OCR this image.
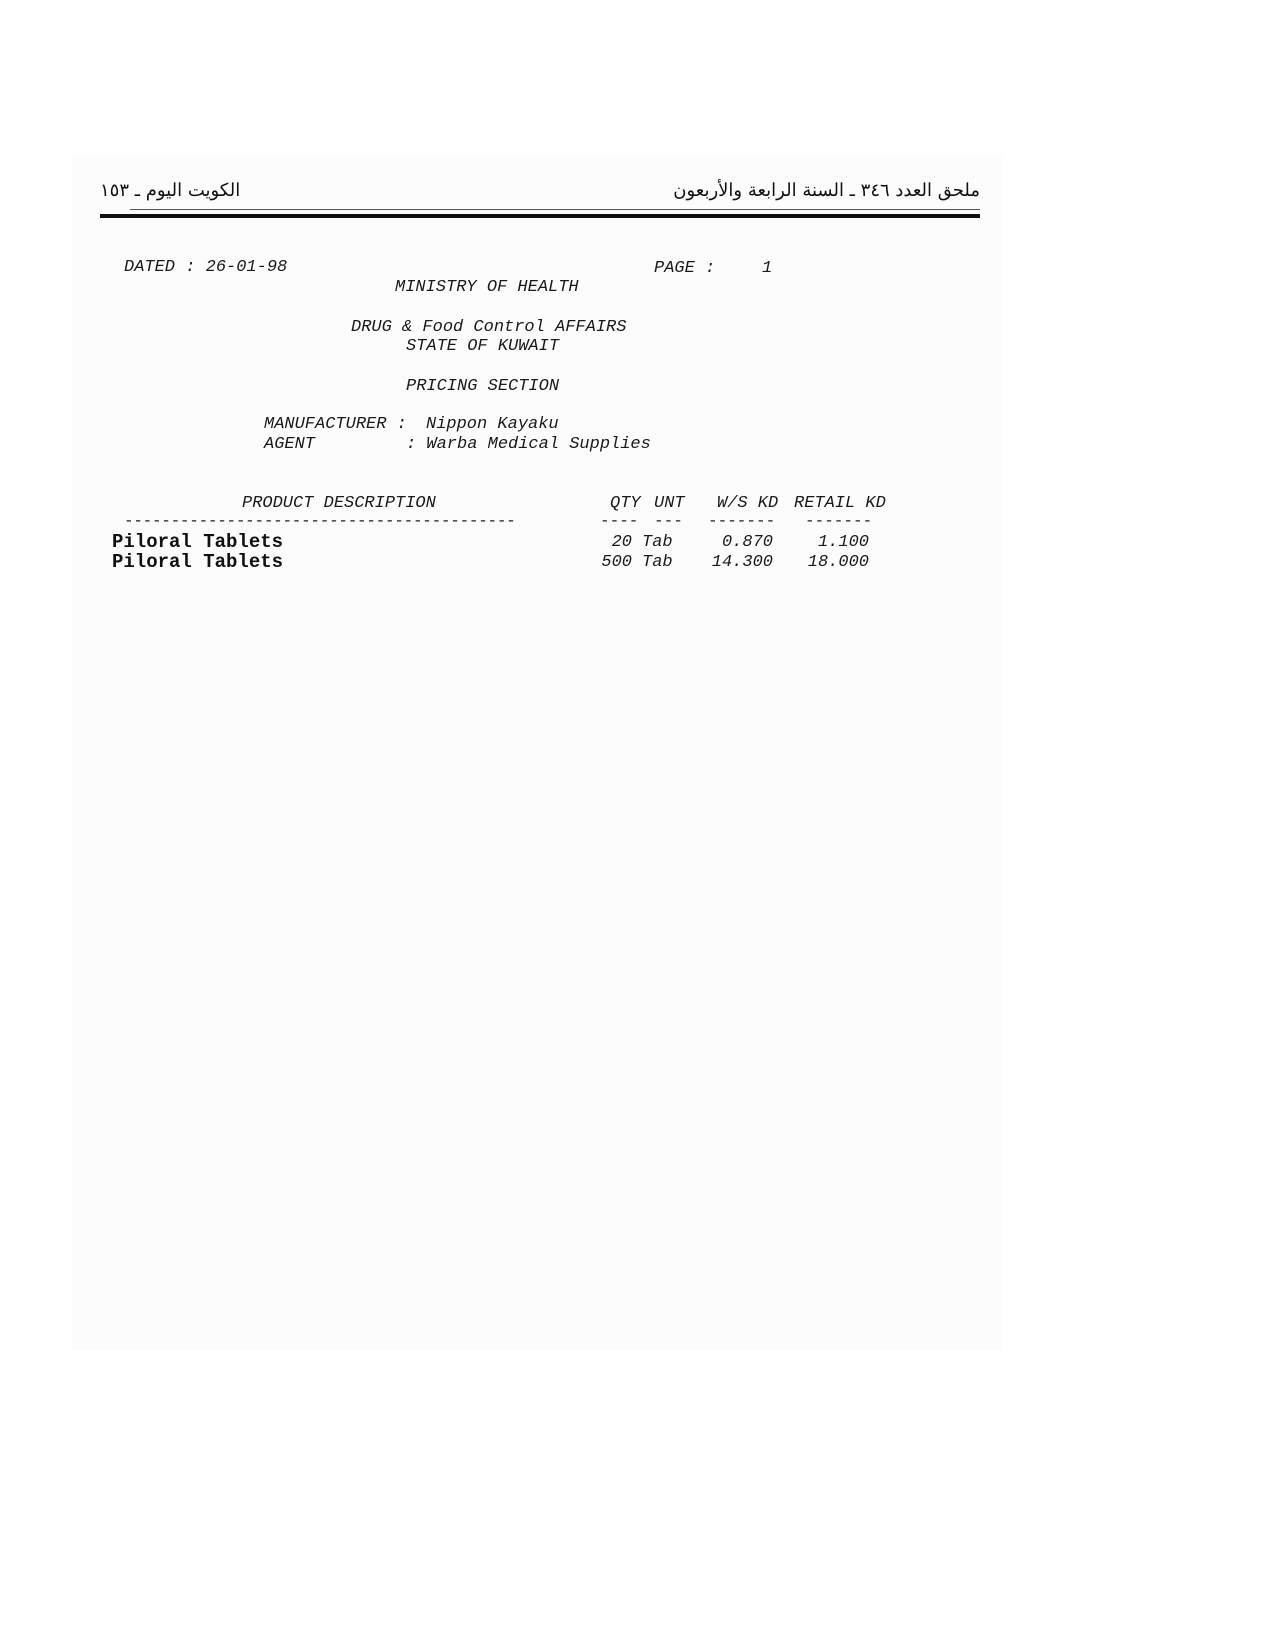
الكويت اليوم ـ ١٥٣	ملحق العدد ٣٤٦ ـ السنة الرابعة والأربعون
DATED : 26-01-98	PAGE :	1
MINISTRY OF HEALTH
DRUG & Food Control AFFAIRS
STATE OF KUWAIT
PRICING SECTION
MANUFACTURER : Nippon Kayaku
AGENT	: Warba Medical Supplies
PRODUCT DESCRIPTION	QTY UNT W/S KD RETAIL KD
------------------------------------------	---- --- ------- -------
Piloral Tablets	20 Tab	0.870	1.100
Piloral Tablets	500 Tab	14.300	18.000
